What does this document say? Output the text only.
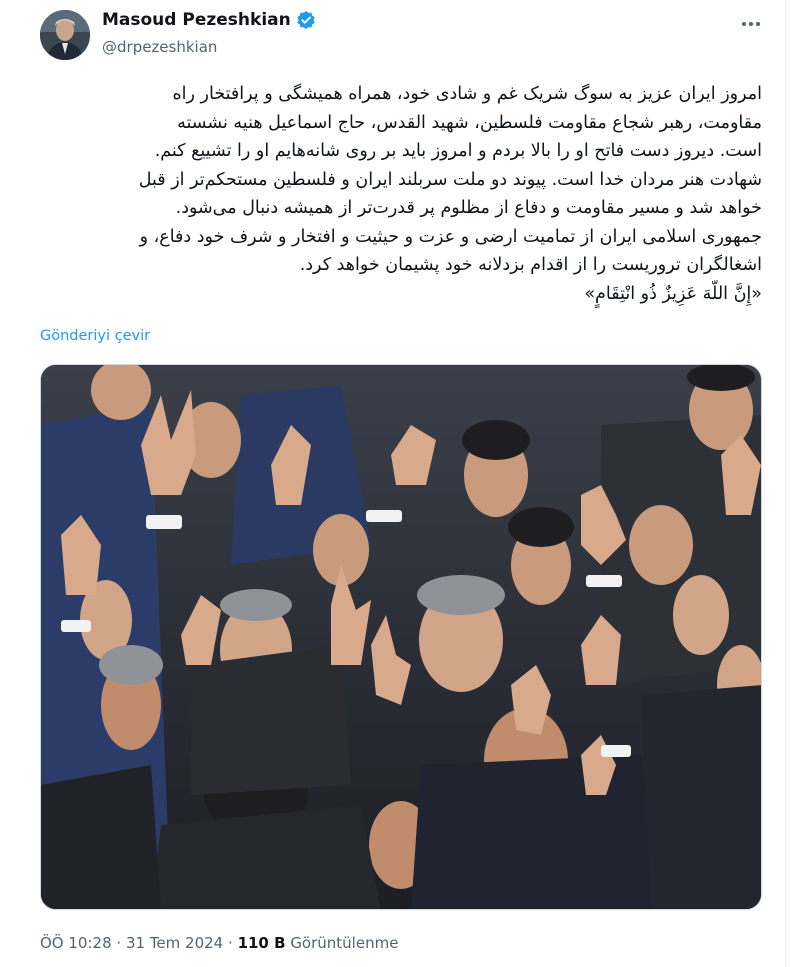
Masoud Pezeshkian
@drpezeshkian
امروز ایران عزیز به سوگ شریک غم و شادی خود، همراه همیشگی و پرافتخار راه
مقاومت، رهبر شجاع مقاومت فلسطین، شهید القدس، حاج اسماعیل هنیه نشسته
است. دیروز دست فاتح او را بالا بردم و امروز باید بر روی شانه‌هایم او را تشییع کنم.
شهادت هنر مردان خدا است. پیوند دو ملت سربلند ایران و فلسطین مستحکم‌تر از قبل
خواهد شد و مسیر مقاومت و دفاع از مظلوم پر قدرت‌تر از همیشه دنبال می‌شود.
جمهوری اسلامی ایران از تمامیت ارضی و عزت و حیثیت و افتخار و شرف خود دفاع، و
اشغالگران تروریست را از اقدام بزدلانه خود پشیمان خواهد کرد.
«إِنَّ اللَّهَ عَزِيزٌ ذُو انْتِقَامٍ»
Gönderiyi çevir
ÖÖ 10:28 · 31 Tem 2024 · 110 B Görüntülenme
